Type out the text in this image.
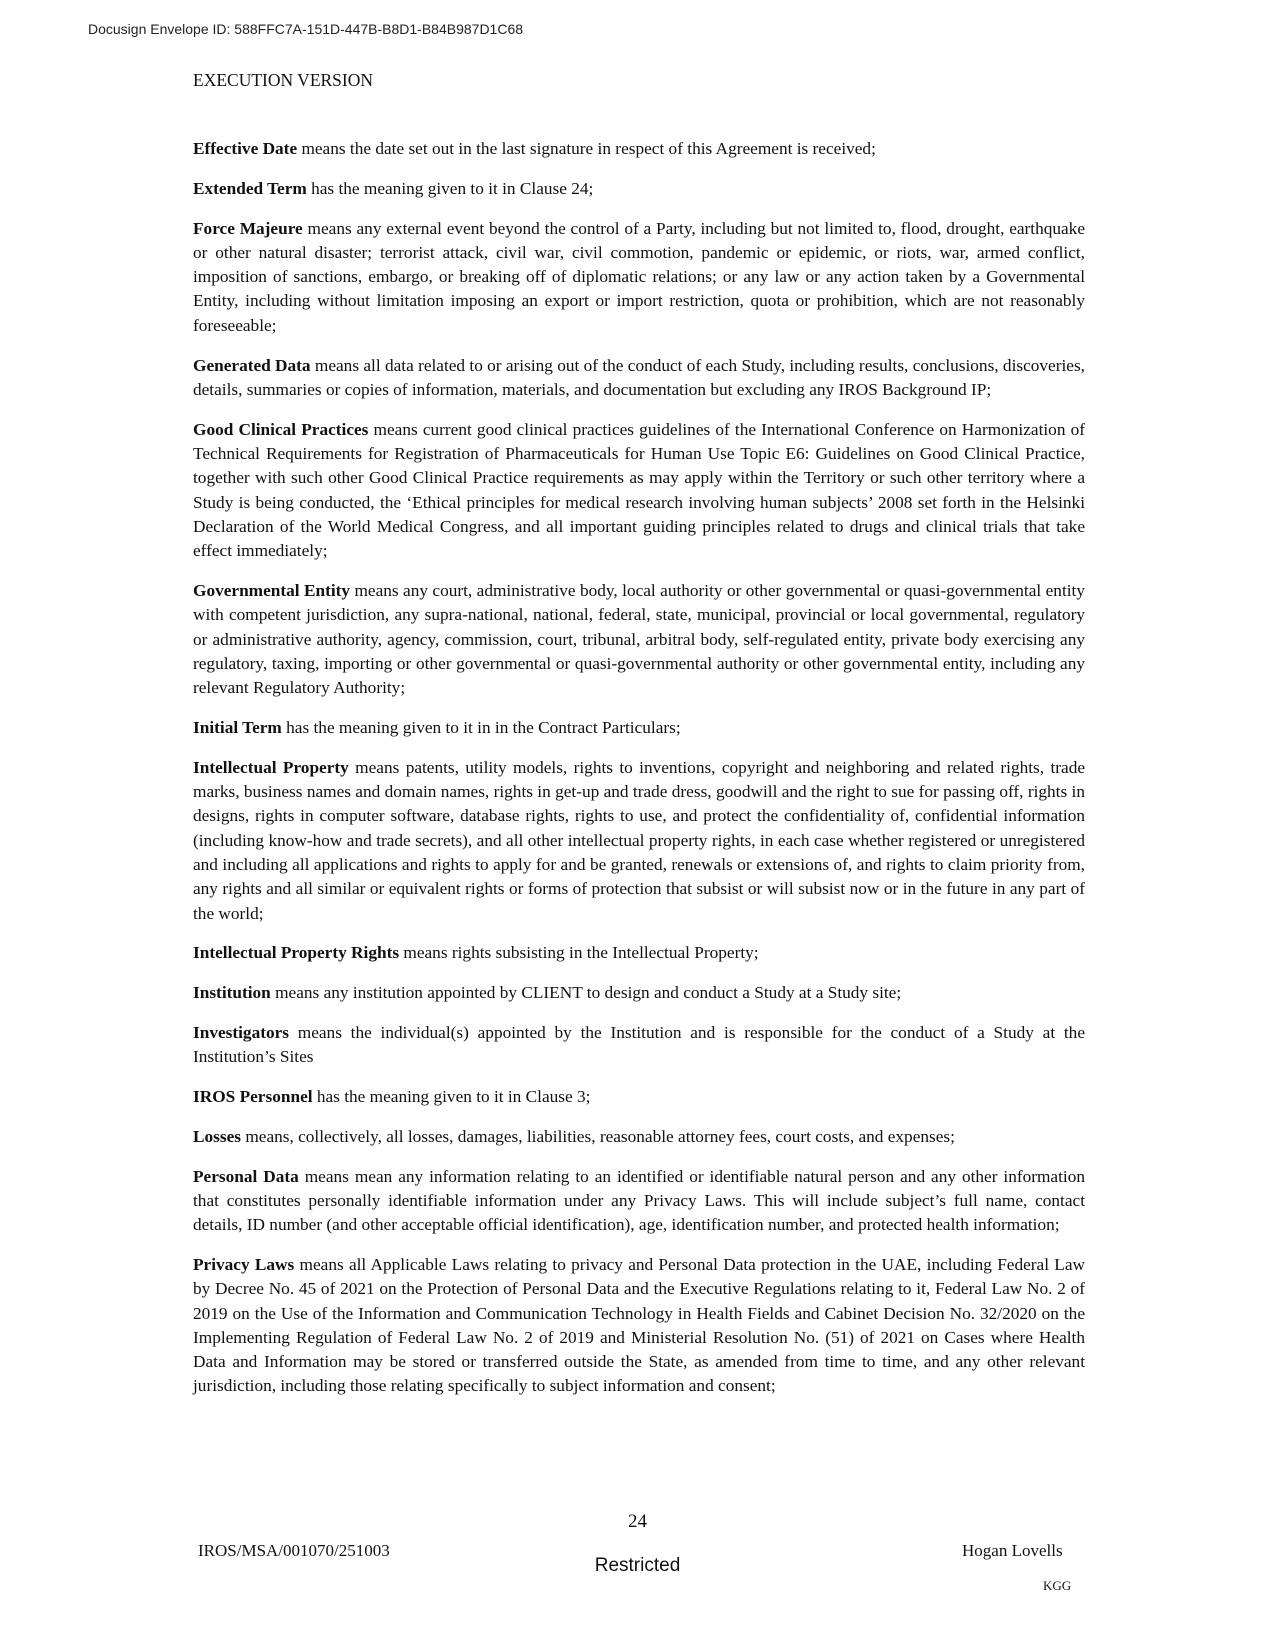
Docusign Envelope ID: 588FFC7A-151D-447B-B8D1-B84B987D1C68
EXECUTION VERSION

Effective Date means the date set out in the last signature in respect of this Agreement is received;

Extended Term has the meaning given to it in Clause 24;

Force Majeure means any external event beyond the control of a Party, including but not limited to, flood, drought, earthquake or other natural disaster; terrorist attack, civil war, civil commotion, pandemic or epidemic, or riots, war, armed conflict, imposition of sanctions, embargo, or breaking off of diplomatic relations; or any law or any action taken by a Governmental Entity, including without limitation imposing an export or import restriction, quota or prohibition, which are not reasonably foreseeable;

Generated Data means all data related to or arising out of the conduct of each Study, including results, conclusions, discoveries, details, summaries or copies of information, materials, and documentation but excluding any IROS Background IP;

Good Clinical Practices means current good clinical practices guidelines of the International Conference on Harmonization of Technical Requirements for Registration of Pharmaceuticals for Human Use Topic E6: Guidelines on Good Clinical Practice, together with such other Good Clinical Practice requirements as may apply within the Territory or such other territory where a Study is being conducted, the ‘Ethical principles for medical research involving human subjects’ 2008 set forth in the Helsinki Declaration of the World Medical Congress, and all important guiding principles related to drugs and clinical trials that take effect immediately;

Governmental Entity means any court, administrative body, local authority or other governmental or quasi-governmental entity with competent jurisdiction, any supra-national, national, federal, state, municipal, provincial or local governmental, regulatory or administrative authority, agency, commission, court, tribunal, arbitral body, self-regulated entity, private body exercising any regulatory, taxing, importing or other governmental or quasi-governmental authority or other governmental entity, including any relevant Regulatory Authority;

Initial Term has the meaning given to it in in the Contract Particulars;

Intellectual Property means patents, utility models, rights to inventions, copyright and neighboring and related rights, trade marks, business names and domain names, rights in get-up and trade dress, goodwill and the right to sue for passing off, rights in designs, rights in computer software, database rights, rights to use, and protect the confidentiality of, confidential information (including know-how and trade secrets), and all other intellectual property rights, in each case whether registered or unregistered and including all applications and rights to apply for and be granted, renewals or extensions of, and rights to claim priority from, any rights and all similar or equivalent rights or forms of protection that subsist or will subsist now or in the future in any part of the world;

Intellectual Property Rights means rights subsisting in the Intellectual Property;

Institution means any institution appointed by CLIENT to design and conduct a Study at a Study site;

Investigators means the individual(s) appointed by the Institution and is responsible for the conduct of a Study at the Institution’s Sites

IROS Personnel has the meaning given to it in Clause 3;

Losses means, collectively, all losses, damages, liabilities, reasonable attorney fees, court costs, and expenses;

Personal Data means mean any information relating to an identified or identifiable natural person and any other information that constitutes personally identifiable information under any Privacy Laws. This will include subject’s full name, contact details, ID number (and other acceptable official identification), age, identification number, and protected health information;

Privacy Laws means all Applicable Laws relating to privacy and Personal Data protection in the UAE, including Federal Law by Decree No. 45 of 2021 on the Protection of Personal Data and the Executive Regulations relating to it, Federal Law No. 2 of 2019 on the Use of the Information and Communication Technology in Health Fields and Cabinet Decision No. 32/2020 on the Implementing Regulation of Federal Law No. 2 of 2019 and Ministerial Resolution No. (51) of 2021 on Cases where Health Data and Information may be stored or transferred outside the State, as amended from time to time, and any other relevant jurisdiction, including those relating specifically to subject information and consent;

24
IROS/MSA/001070/251003
Restricted
Hogan Lovells
KGG
